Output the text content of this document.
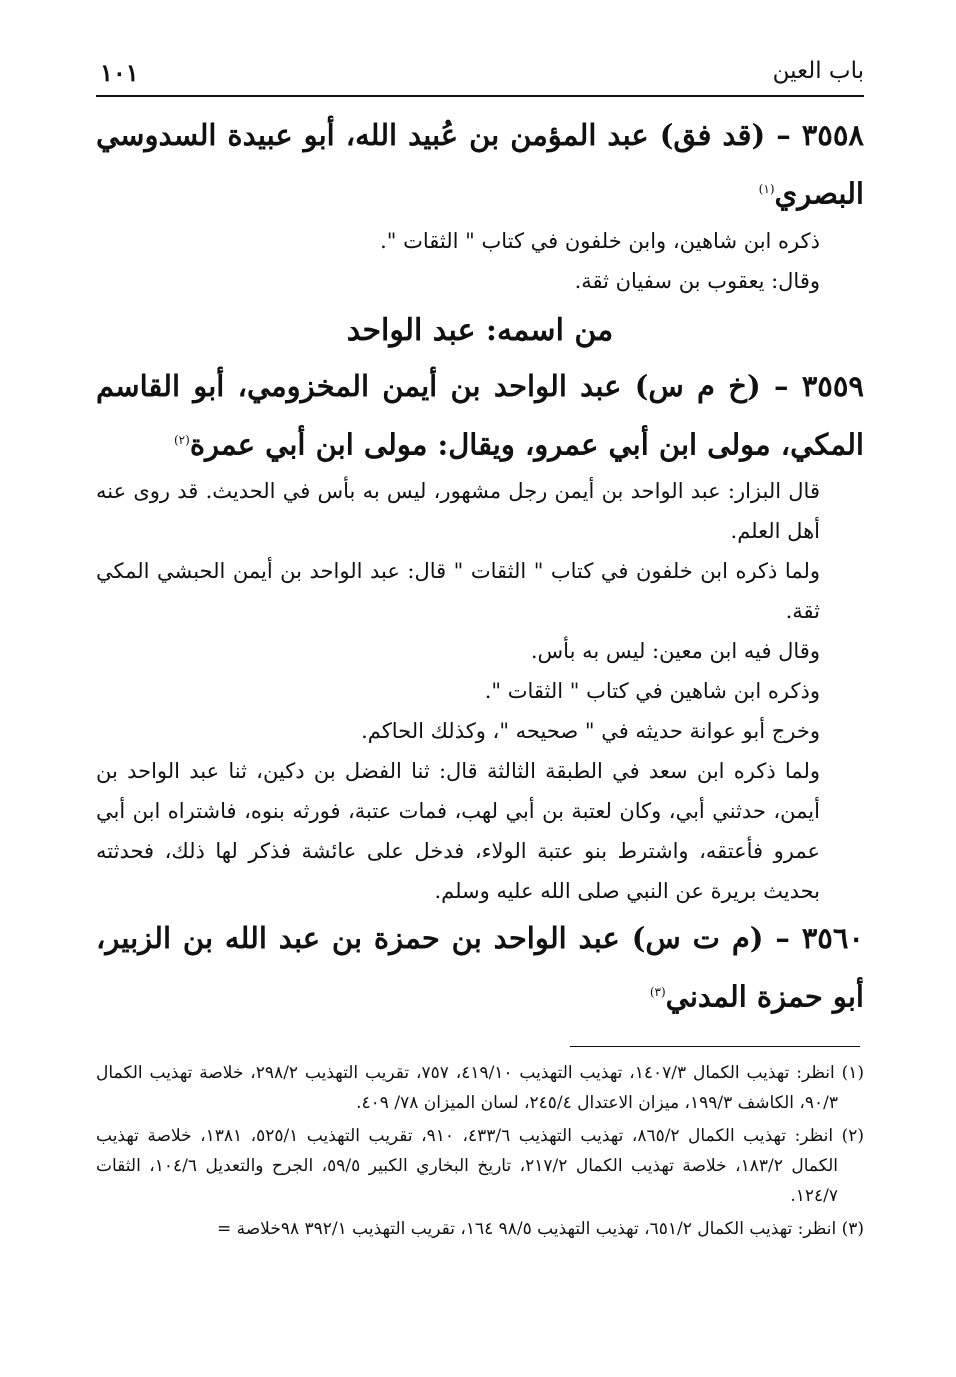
باب العين
١٠١

٣٥٥٨ – (قد فق) عبد المؤمن بن عُبيد الله، أبو عبيدة السدوسي البصري$^{(١)}$

ذكره ابن شاهين، وابن خلفون في كتاب " الثقات ".

وقال: يعقوب بن سفيان ثقة.

من اسمه: عبد الواحد

٣٥٥٩ – (خ م س) عبد الواحد بن أيمن المخزومي، أبو القاسم المكي، مولى ابن أبي عمرو، ويقال: مولى ابن أبي عمرة$^{(٢)}$

قال البزار: عبد الواحد بن أيمن رجل مشهور، ليس به بأس في الحديث. قد روى عنه أهل العلم.

ولما ذكره ابن خلفون في كتاب " الثقات " قال: عبد الواحد بن أيمن الحبشي المكي ثقة.

وقال فيه ابن معين: ليس به بأس.

وذكره ابن شاهين في كتاب " الثقات ".

وخرج أبو عوانة حديثه في " صحيحه "، وكذلك الحاكم.

ولما ذكره ابن سعد في الطبقة الثالثة قال: ثنا الفضل بن دكين، ثنا عبد الواحد بن أيمن، حدثني أبي، وكان لعتبة بن أبي لهب، فمات عتبة، فورثه بنوه، فاشتراه ابن أبي عمرو فأعتقه، واشترط بنو عتبة الولاء، فدخل على عائشة فذكر لها ذلك، فحدثته بحديث بريرة عن النبي صلى الله عليه وسلم.

٣٥٦٠ – (م ت س) عبد الواحد بن حمزة بن عبد الله بن الزبير، أبو حمزة المدني$^{(٣)}$

(١) انظر: تهذيب الكمال ١٤٠٧/٣، تهذيب التهذيب ٤١٩/١٠، ٧٥٧، تقريب التهذيب ٢٩٨/٢، خلاصة تهذيب الكمال ٩٠/٣، الكاشف ١٩٩/٣، ميزان الاعتدال ٢٤٥/٤، لسان الميزان ٧٨/ ٤٠٩.

(٢) انظر: تهذيب الكمال ٨٦٥/٢، تهذيب التهذيب ٤٣٣/٦، ٩١٠، تقريب التهذيب ٥٢٥/١، ١٣٨١، خلاصة تهذيب الكمال ١٨٣/٢، خلاصة تهذيب الكمال ٢١٧/٢، تاريخ البخاري الكبير ٥٩/٥، الجرح والتعديل ١٠٤/٦، الثقات ١٢٤/٧.

(٣) انظر: تهذيب الكمال ٦٥١/٢، تهذيب التهذيب ٩٨/٥ ١٦٤، تقريب التهذيب ٣٩٢/١ ٩٨خلاصة =
